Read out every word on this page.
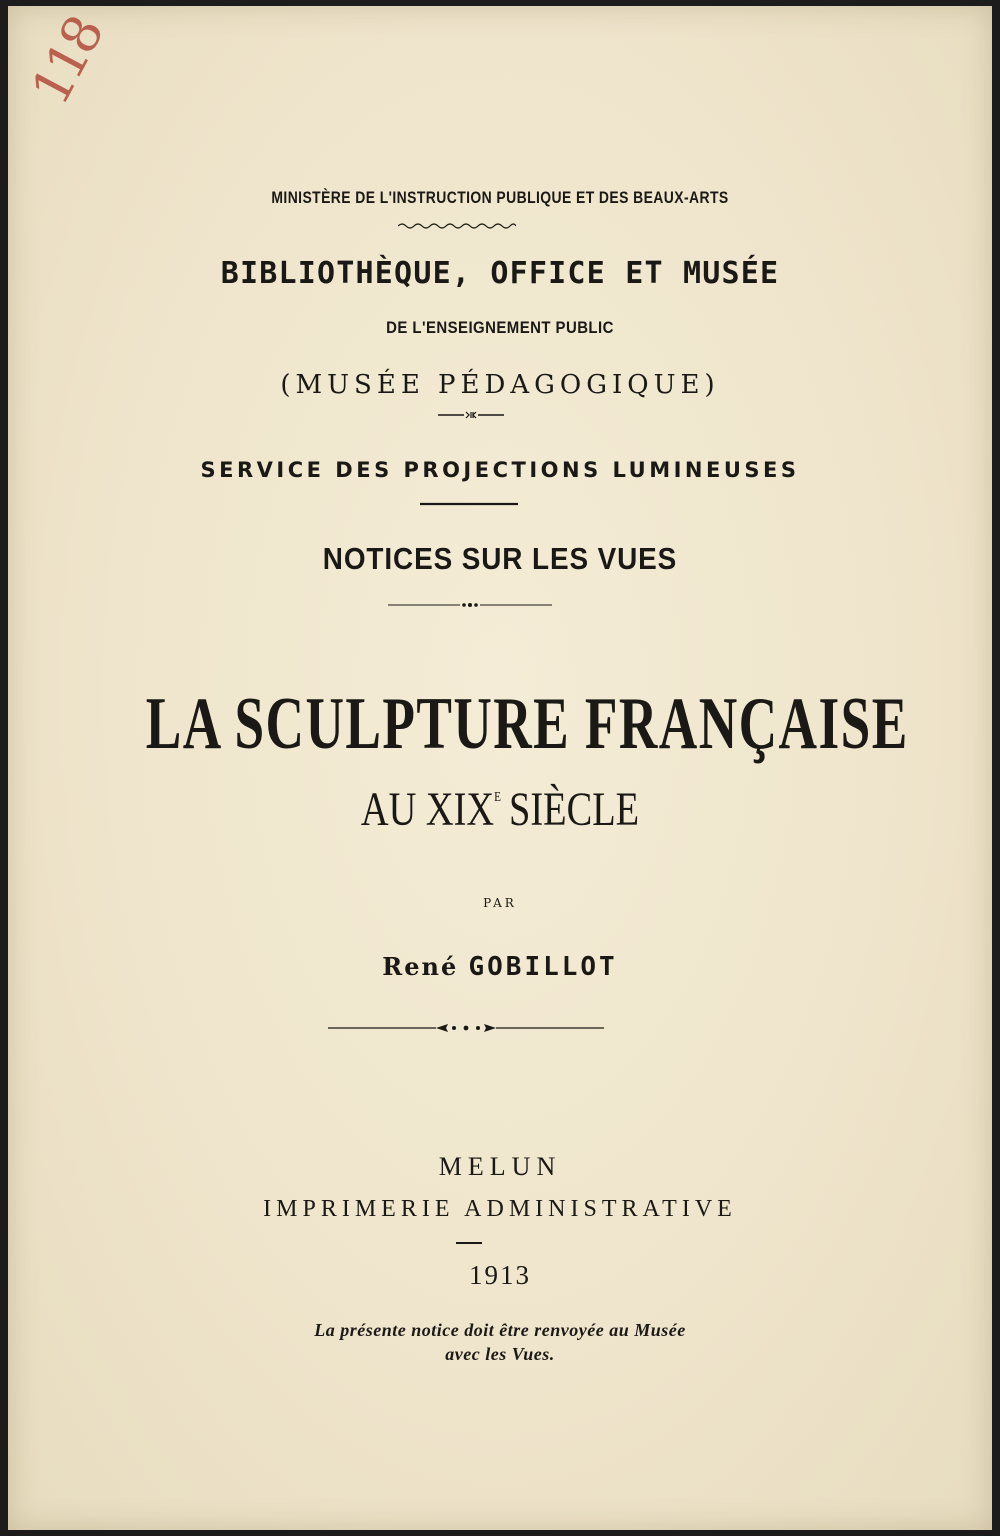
118
MINISTÈRE DE L'INSTRUCTION PUBLIQUE ET DES BEAUX-ARTS
BIBLIOTHÈQUE, OFFICE ET MUSÉE
DE L'ENSEIGNEMENT PUBLIC
(MUSÉE PÉDAGOGIQUE)
SERVICE DES PROJECTIONS LUMINEUSES
NOTICES SUR LES VUES
LA SCULPTURE FRANÇAISE
AU $XIX^E$ SIÈCLE
PAR
René GOBILLOT
MELUN
IMPRIMERIE ADMINISTRATIVE
1913
La présente notice doit être renvoyée au Musée
avec les Vues.
